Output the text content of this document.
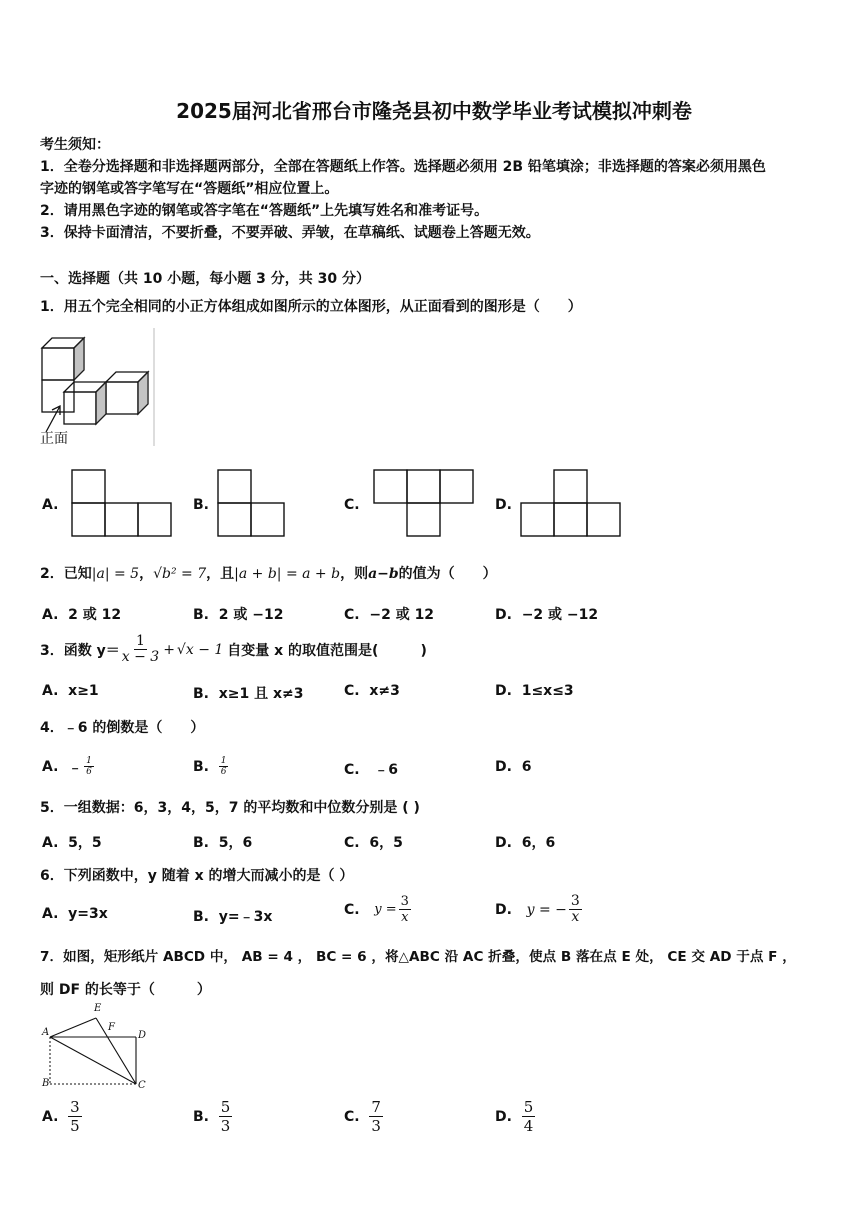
2025届河北省邢台市隆尧县初中数学毕业考试模拟冲刺卷
考生须知：
1．全卷分选择题和非选择题两部分，全部在答题纸上作答。选择题必须用 2B 铅笔填涂；非选择题的答案必须用黑色
字迹的钢笔或答字笔写在“答题纸”相应位置上。
2．请用黑色字迹的钢笔或答字笔在“答题纸”上先填写姓名和准考证号。
3．保持卡面清洁，不要折叠，不要弄破、弄皱，在草稿纸、试题卷上答题无效。
一、选择题（共 10 小题，每小题 3 分，共 30 分）
1．用五个完全相同的小正方体组成如图所示的立体图形，从正面看到的图形是（　　）
正面
A.	B.	C.	D.
2．已知|a| = 5，√b² = 7，且|a + b| = a + b，则a−b的值为（　　）
A. 2 或 12	B. 2 或 −12	C. −2 或 12	D. −2 或 −12
3．函数 $y= \frac{1}{x - 3} + √x - 1$ 自变量 x 的取值范围是(　　　)
A. x≥1	B. x≥1 且 x≠3	C. x≠3	D. 1≤x≤3
4．﹣6 的倒数是（　　）
A.
﹣ $\frac{1}{6}$	B.
$\frac{1}{6}$	C. ﹣6	D. 6
5．一组数据：6，3，4，5，7 的平均数和中位数分别是 ( )
A. 5，5	B. 5，6	C. 6，5	D. 6，6
6．下列函数中，y 随着 x 的增大而减小的是（ ）
A. y=3x	B. y=﹣3x	C.
$y = \frac{3}{x}$	D.
y = − $\frac{3}{x}$
7．如图，矩形纸片 ABCD 中， AB = 4 ， BC = 6 ，将△ABC 沿 AC 折叠，使点 B 落在点 E 处， CE 交 AD 于点 F ，
则 DF 的长等于（　　　）
A
B	C
D
E
F
A.
$\frac{3}{5}$	B.
$\frac{5}{3}$	C.
$\frac{7}{3}$	D.
$\frac{5}{4}$
